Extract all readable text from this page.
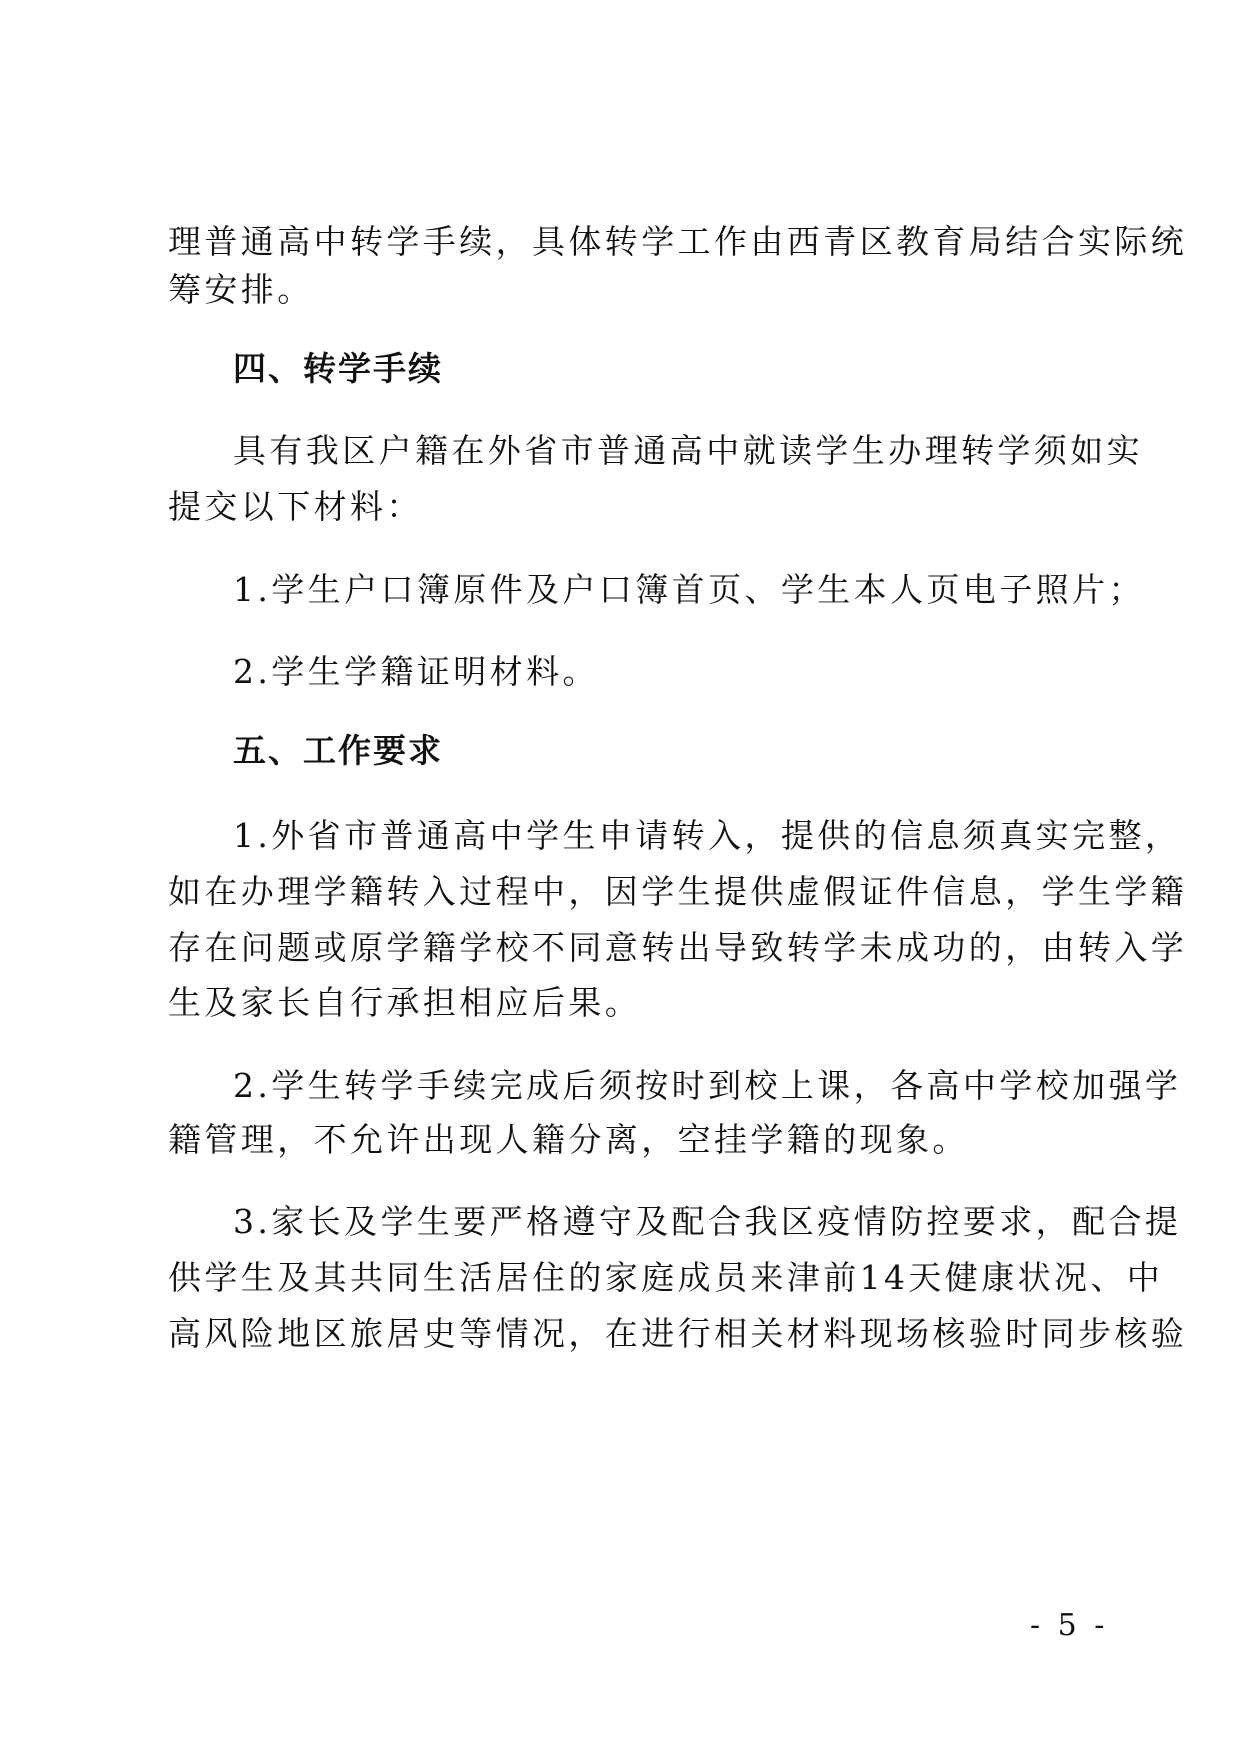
理普通高中转学手续，具体转学工作由西青区教育局结合实际统
筹安排。
四、转学手续
具有我区户籍在外省市普通高中就读学生办理转学须如实
提交以下材料：
1.学生户口簿原件及户口簿首页、学生本人页电子照片；
2.学生学籍证明材料。
五、工作要求
1.外省市普通高中学生申请转入，提供的信息须真实完整，
如在办理学籍转入过程中，因学生提供虚假证件信息，学生学籍
存在问题或原学籍学校不同意转出导致转学未成功的，由转入学
生及家长自行承担相应后果。
2.学生转学手续完成后须按时到校上课，各高中学校加强学
籍管理，不允许出现人籍分离，空挂学籍的现象。
3.家长及学生要严格遵守及配合我区疫情防控要求，配合提
供学生及其共同生活居住的家庭成员来津前14天健康状况、中
高风险地区旅居史等情况，在进行相关材料现场核验时同步核验
- 5 -
